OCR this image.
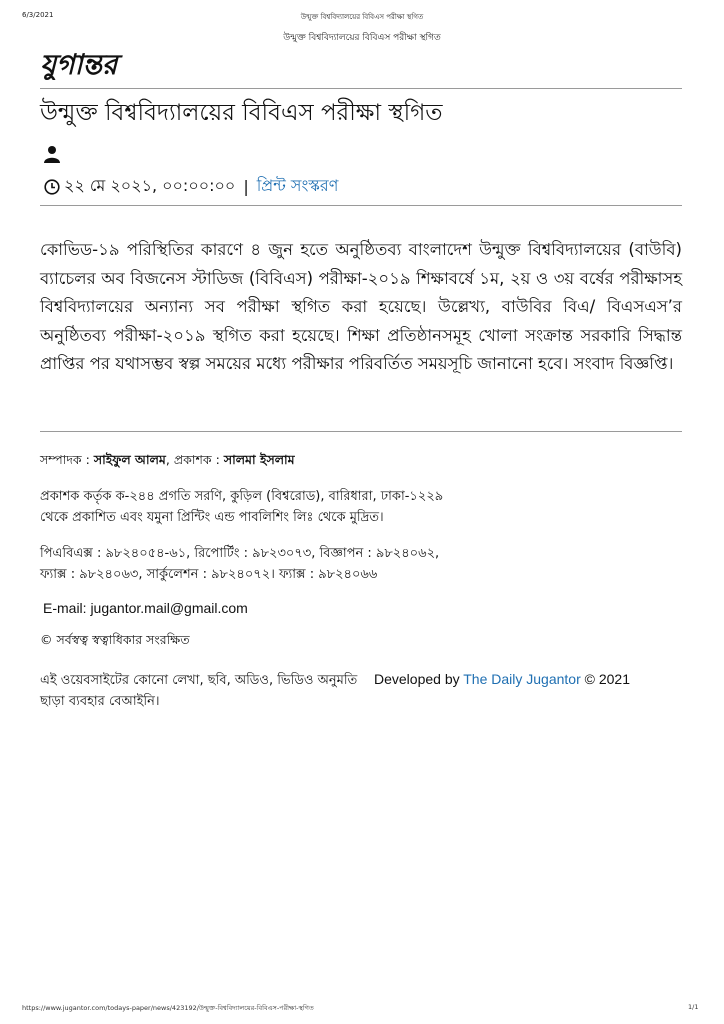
6/3/2021	উন্মুক্ত বিশ্ববিদ্যালয়ের বিবিএস পরীক্ষা স্থগিত
উন্মুক্ত বিশ্ববিদ্যালয়ের বিবিএস পরীক্ষা স্থগিত
যুগান্তর
উন্মুক্ত বিশ্ববিদ্যালয়ের বিবিএস পরীক্ষা স্থগিত
২২ মে ২০২১, ০০:০০:০০ | প্রিন্ট সংস্করণ

কোভিড-১৯ পরিস্থিতির কারণে ৪ জুন হতে অনুষ্ঠিতব্য বাংলাদেশ উন্মুক্ত বিশ্ববিদ্যালয়ের (বাউবি) ব্যাচেলর অব বিজনেস স্টাডিজ (বিবিএস) পরীক্ষা-২০১৯ শিক্ষাবর্ষে ১ম, ২য় ও ৩য় বর্ষের পরীক্ষাসহ বিশ্ববিদ্যালয়ের অন্যান্য সব পরীক্ষা স্থগিত করা হয়েছে। উল্লেখ্য, বাউবির বিএ/ বিএসএস’র অনুষ্ঠিতব্য পরীক্ষা-২০১৯ স্থগিত করা হয়েছে। শিক্ষা প্রতিষ্ঠানসমূহ খোলা সংক্রান্ত সরকারি সিদ্ধান্ত প্রাপ্তির পর যথাসম্ভব স্বল্প সময়ের মধ্যে পরীক্ষার পরিবর্তিত সময়সূচি জানানো হবে। সংবাদ বিজ্ঞপ্তি।

সম্পাদক : সাইফুল আলম, প্রকাশক : সালমা ইসলাম
প্রকাশক কর্তৃক ক-২৪৪ প্রগতি সরণি, কুড়িল (বিশ্বরোড), বারিধারা, ঢাকা-১২২৯
থেকে প্রকাশিত এবং যমুনা প্রিন্টিং এন্ড পাবলিশিং লিঃ থেকে মুদ্রিত।
পিএবিএক্স : ৯৮২৪০৫৪-৬১, রিপোর্টিং : ৯৮২৩০৭৩, বিজ্ঞাপন : ৯৮২৪০৬২,
ফ্যাক্স : ৯৮২৪০৬৩, সার্কুলেশন : ৯৮২৪০৭২। ফ্যাক্স : ৯৮২৪০৬৬
E-mail: jugantor.mail@gmail.com
© সর্বস্বত্ব স্বত্বাধিকার সংরক্ষিত
এই ওয়েবসাইটের কোনো লেখা, ছবি, অডিও, ভিডিও অনুমতি ছাড়া ব্যবহার বেআইনি।
Developed by The Daily Jugantor © 2021
https://www.jugantor.com/todays-paper/news/423192/উন্মুক্ত-বিশ্ববিদ্যালয়ের-বিবিএস-পরীক্ষা-স্থগিত	1/1
